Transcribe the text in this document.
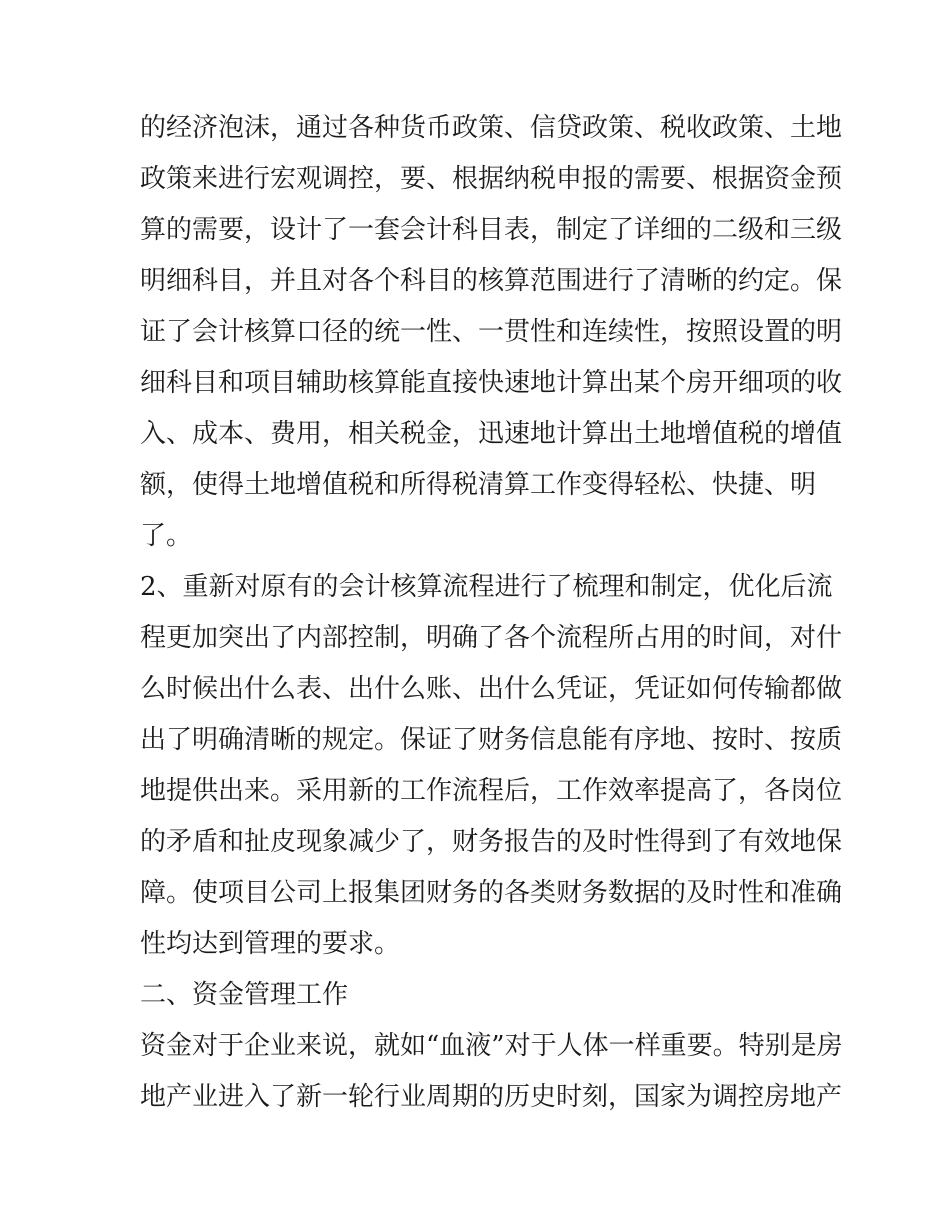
的经济泡沫，通过各种货币政策、信贷政策、税收政策、土地
政策来进行宏观调控，要、根据纳税申报的需要、根据资金预
算的需要，设计了一套会计科目表，制定了详细的二级和三级
明细科目，并且对各个科目的核算范围进行了清晰的约定。保
证了会计核算口径的统一性、一贯性和连续性，按照设置的明
细科目和项目辅助核算能直接快速地计算出某个房开细项的收
入、成本、费用，相关税金，迅速地计算出土地增值税的增值
额，使得土地增值税和所得税清算工作变得轻松、快捷、明
了。
2、重新对原有的会计核算流程进行了梳理和制定，优化后流
程更加突出了内部控制，明确了各个流程所占用的时间，对什
么时候出什么表、出什么账、出什么凭证，凭证如何传输都做
出了明确清晰的规定。保证了财务信息能有序地、按时、按质
地提供出来。采用新的工作流程后，工作效率提高了，各岗位
的矛盾和扯皮现象减少了，财务报告的及时性得到了有效地保
障。使项目公司上报集团财务的各类财务数据的及时性和准确
性均达到管理的要求。
二、资金管理工作
资金对于企业来说，就如“血液”对于人体一样重要。特别是房
地产业进入了新一轮行业周期的历史时刻，国家为调控房地产
